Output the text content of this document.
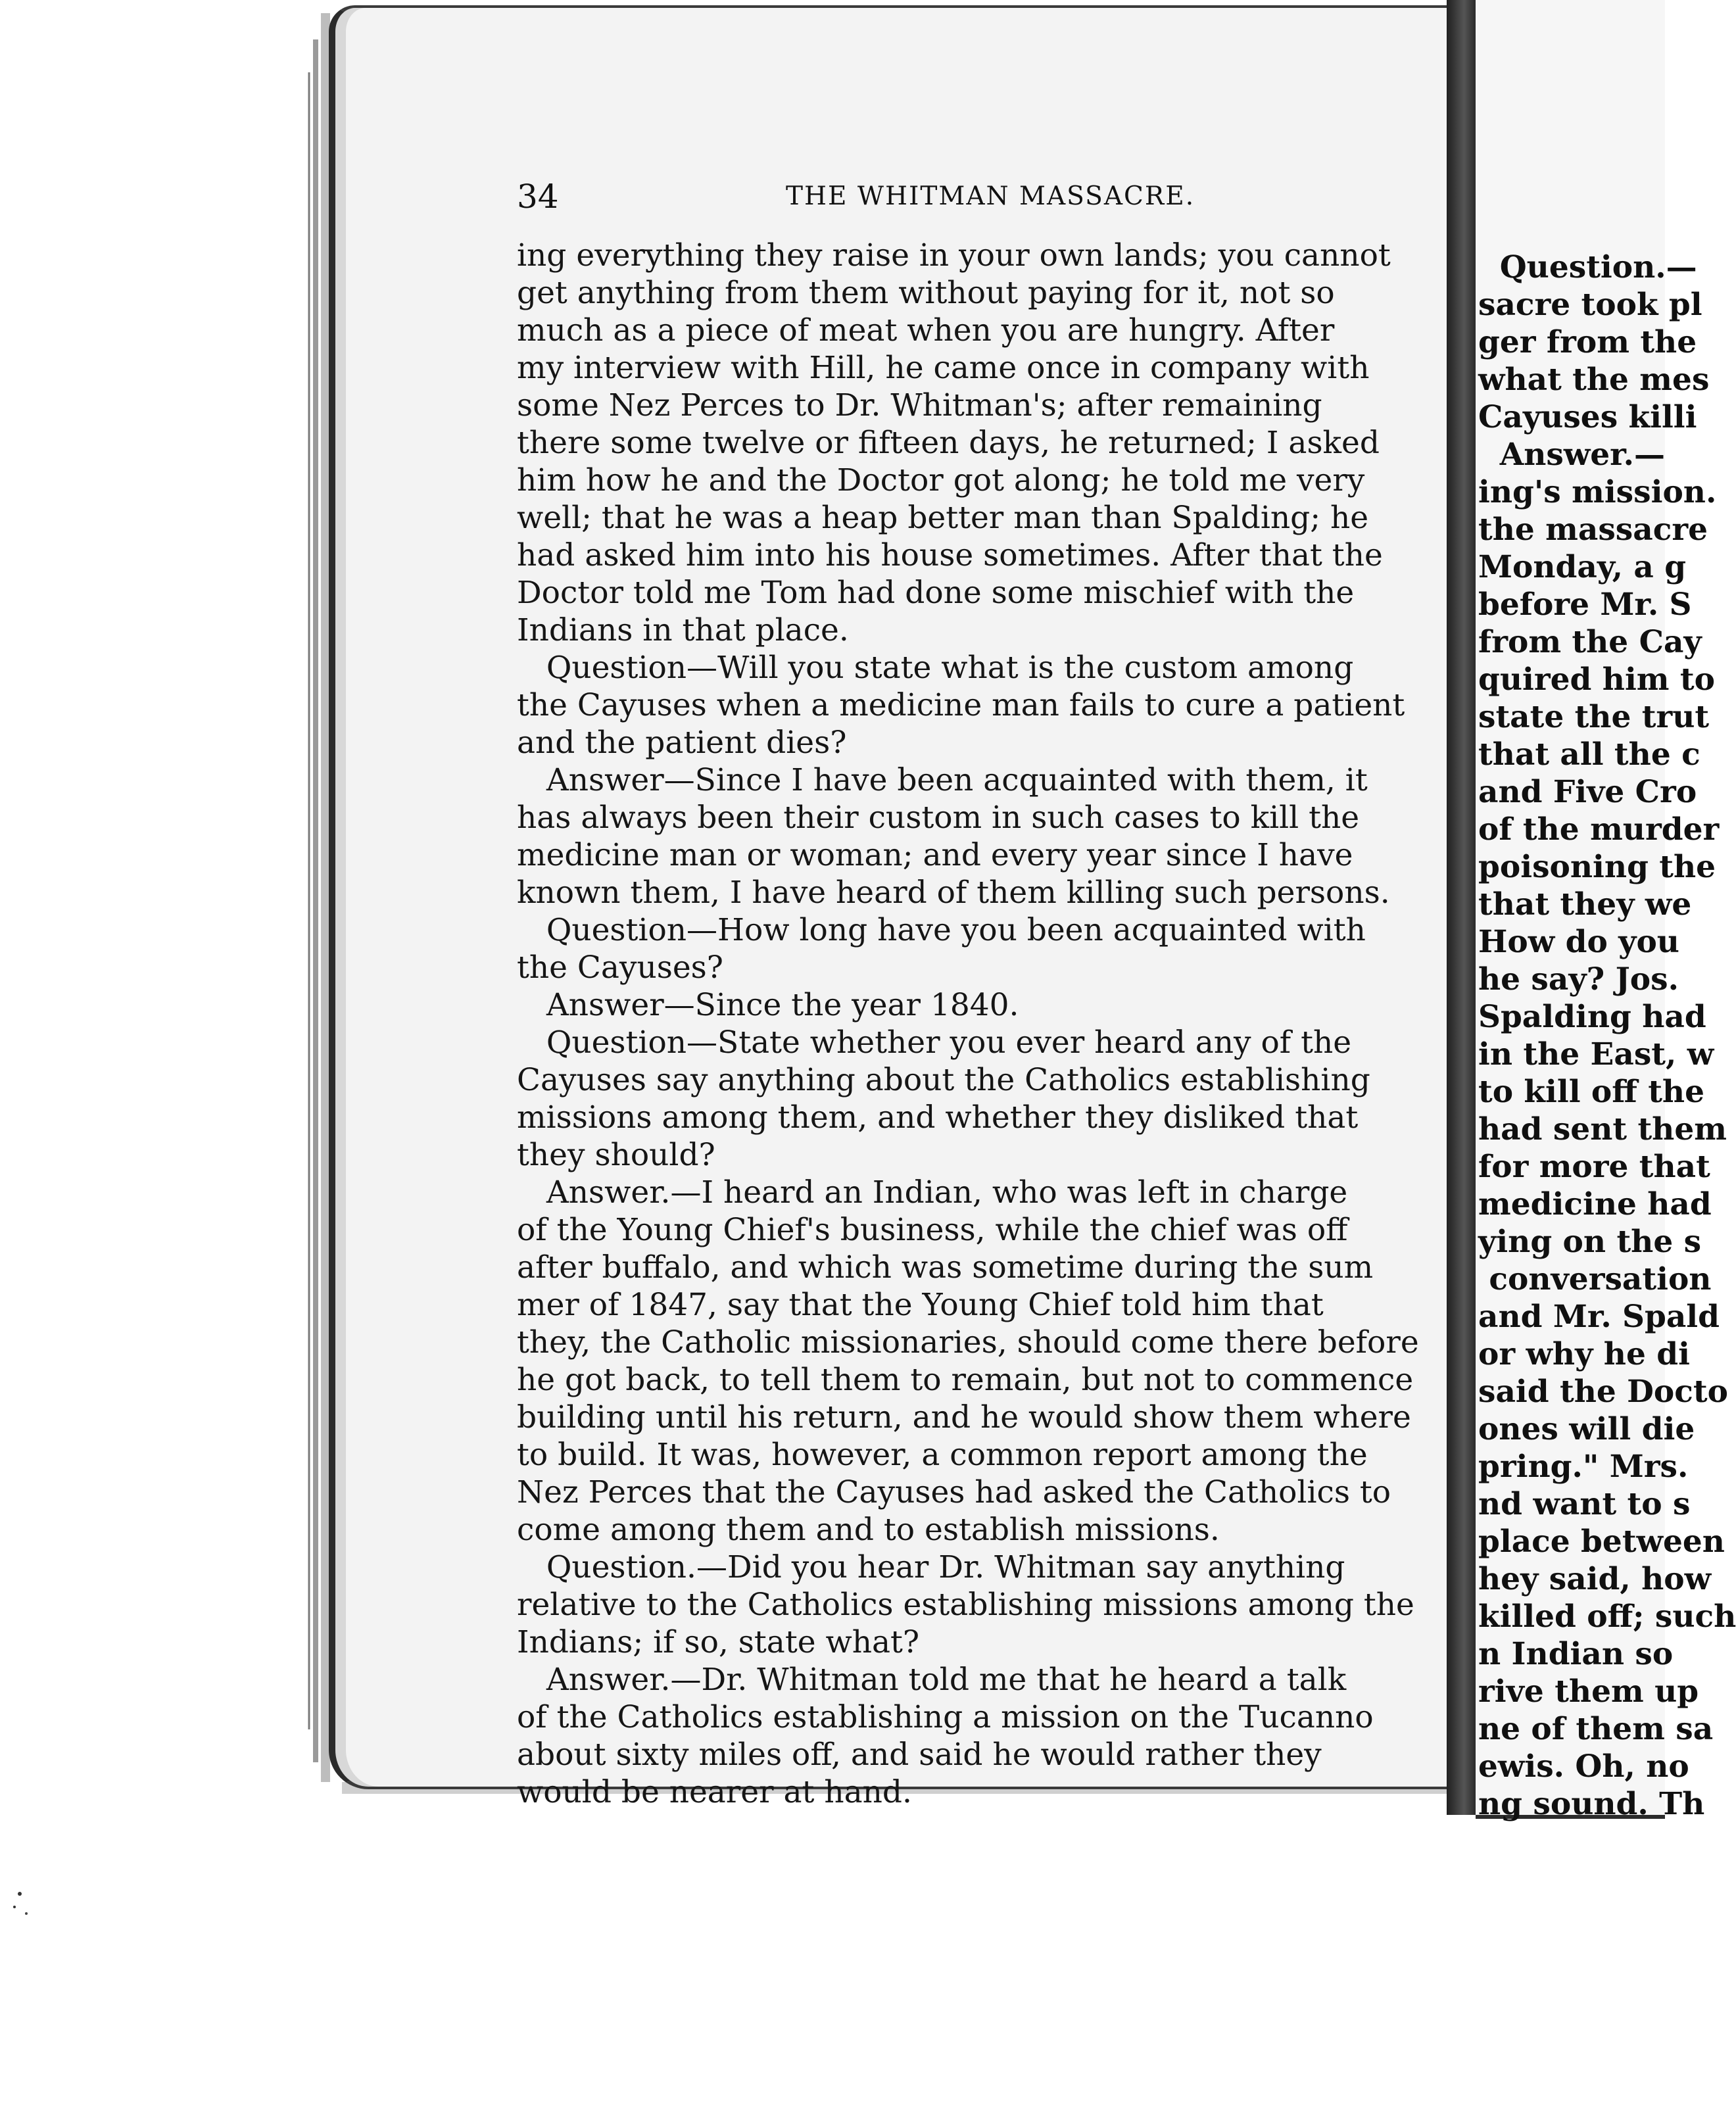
34	THE WHITMAN MASSACRE.
ing everything they raise in your own lands; you cannot
get anything from them without paying for it, not so
much as a piece of meat when you are hungry. After
my interview with Hill, he came once in company with
some Nez Perces to Dr. Whitman's; after remaining
there some twelve or fifteen days, he returned; I asked
him how he and the Doctor got along; he told me very
well; that he was a heap better man than Spalding; he
had asked him into his house sometimes. After that the
Doctor told me Tom had done some mischief with the
Indians in that place.
Question—Will you state what is the custom among
the Cayuses when a medicine man fails to cure a patient
and the patient dies?
Answer—Since I have been acquainted with them, it
has always been their custom in such cases to kill the
medicine man or woman; and every year since I have
known them, I have heard of them killing such persons.
Question—How long have you been acquainted with
the Cayuses?
Answer—Since the year 1840.
Question—State whether you ever heard any of the
Cayuses say anything about the Catholics establishing
missions among them, and whether they disliked that
they should?
Answer.—I heard an Indian, who was left in charge
of the Young Chief's business, while the chief was off
after buffalo, and which was sometime during the sum
mer of 1847, say that the Young Chief told him that
they, the Catholic missionaries, should come there before
he got back, to tell them to remain, but not to commence
building until his return, and he would show them where
to build. It was, however, a common report among the
Nez Perces that the Cayuses had asked the Catholics to
come among them and to establish missions.
Question.—Did you hear Dr. Whitman say anything
relative to the Catholics establishing missions among the
Indians; if so, state what?
Answer.—Dr. Whitman told me that he heard a talk
of the Catholics establishing a mission on the Tucanno
about sixty miles off, and said he would rather they
would be nearer at hand.
Question.—
sacre took pl
ger from the
what the mes
Cayuses killi
Answer.—
ing's mission.
the massacre
Monday, a g
before Mr. S
from the Cay
quired him to
state the trut
that all the c
and Five Cro
of the murder
poisoning the
that they we
How do you
he say? Jos.
Spalding had
in the East, w
to kill off the
had sent them
for more that
medicine had
ying on the s
conversation
and Mr. Spald
or why he di
said the Docto
ones will die
pring." Mrs.
nd want to s
place between
hey said, how
killed off; such
n Indian so
rive them up
ne of them sa
ewis. Oh, no
ng sound. Th
